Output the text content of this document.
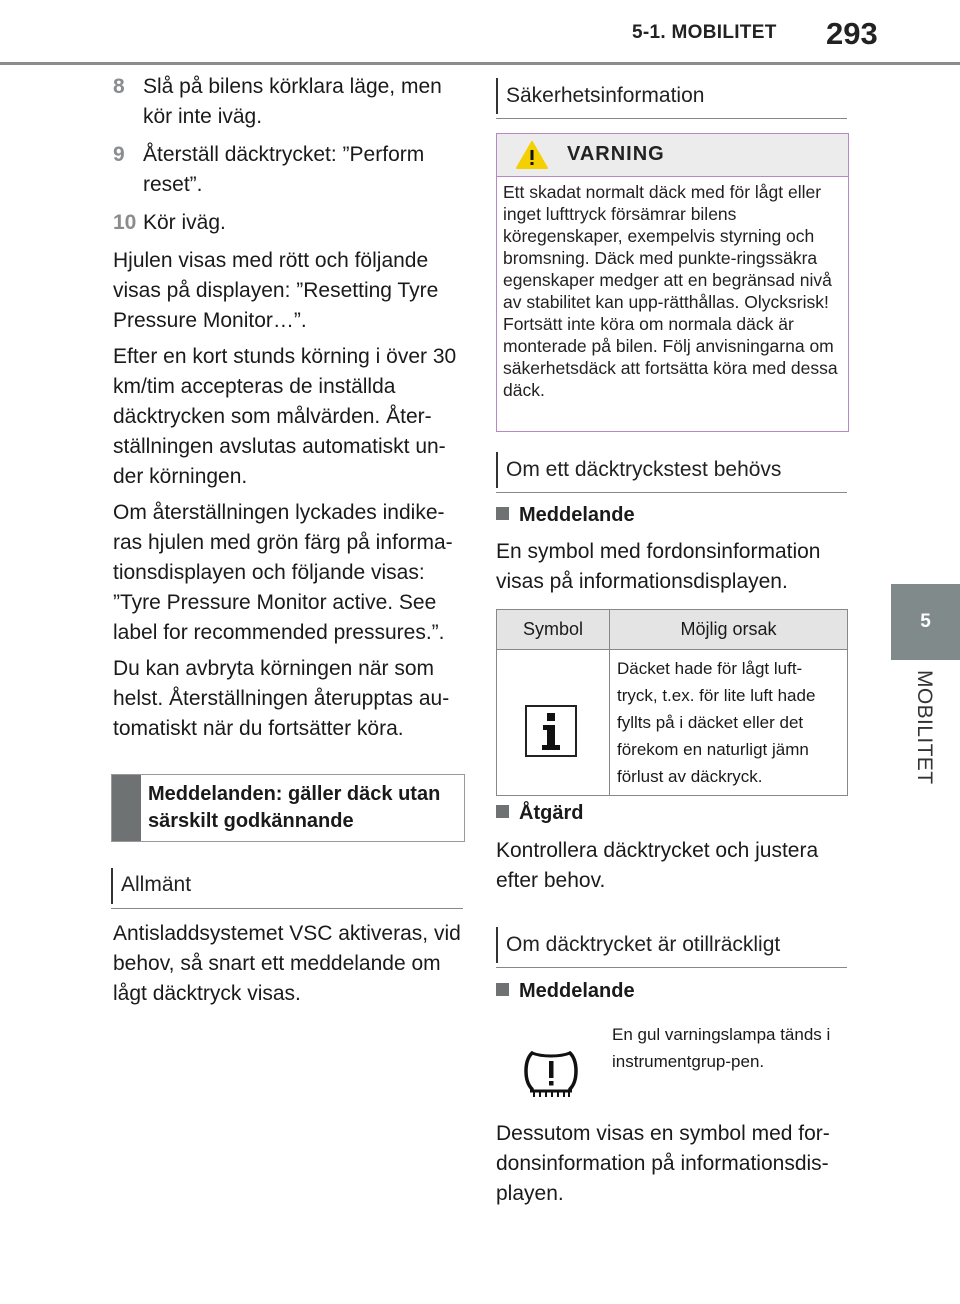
5-1. MOBILITET 293
5
MOBILITET
8 Slå på bilens körklara läge, men kör inte iväg.
9 Återställ däcktrycket: ”Perform reset”.
10 Kör iväg.
Hjulen visas med rött och följande visas på displayen: ”Resetting Tyre Pressure Monitor…”.
Efter en kort stunds körning i över 30 km/tim accepteras de inställda däcktrycken som målvärden. Åter-ställningen avslutas automatiskt un-der körningen.
Om återställningen lyckades indike-ras hjulen med grön färg på informa-tionsdisplayen och följande visas: ”Tyre Pressure Monitor active. See label for recommended pressures.”.
Du kan avbryta körningen när som helst. Återställningen återupptas au-tomatiskt när du fortsätter köra.
Meddelanden: gäller däck utan särskilt godkännande
Allmänt
Antisladdsystemet VSC aktiveras, vid behov, så snart ett meddelande om lågt däcktryck visas.
Säkerhetsinformation
VARNING
Ett skadat normalt däck med för lågt eller inget lufttryck försämrar bilens köregenskaper, exempelvis styrning och bromsning. Däck med punkte-ringssäkra egenskaper medger att en begränsad nivå av stabilitet kan upp-rätthållas. Olycksrisk! Fortsätt inte köra om normala däck är monterade på bilen. Följ anvisningarna om säkerhetsdäck att fortsätta köra med dessa däck.
Om ett däcktryckstest behövs
Meddelande
En symbol med fordonsinformation visas på informationsdisplayen.
Symbol	Möjlig orsak

Däcket hade för lågt luft-tryck, t.ex. för lite luft hade fyllts på i däcket eller det förekom en naturligt jämn förlust av däckryck.
Åtgärd
Kontrollera däcktrycket och justera efter behov.
Om däcktrycket är otillräckligt
Meddelande
En gul varningslampa tänds i instrumentgrup-pen.
Dessutom visas en symbol med for-donsinformation på informationsdis-playen.
